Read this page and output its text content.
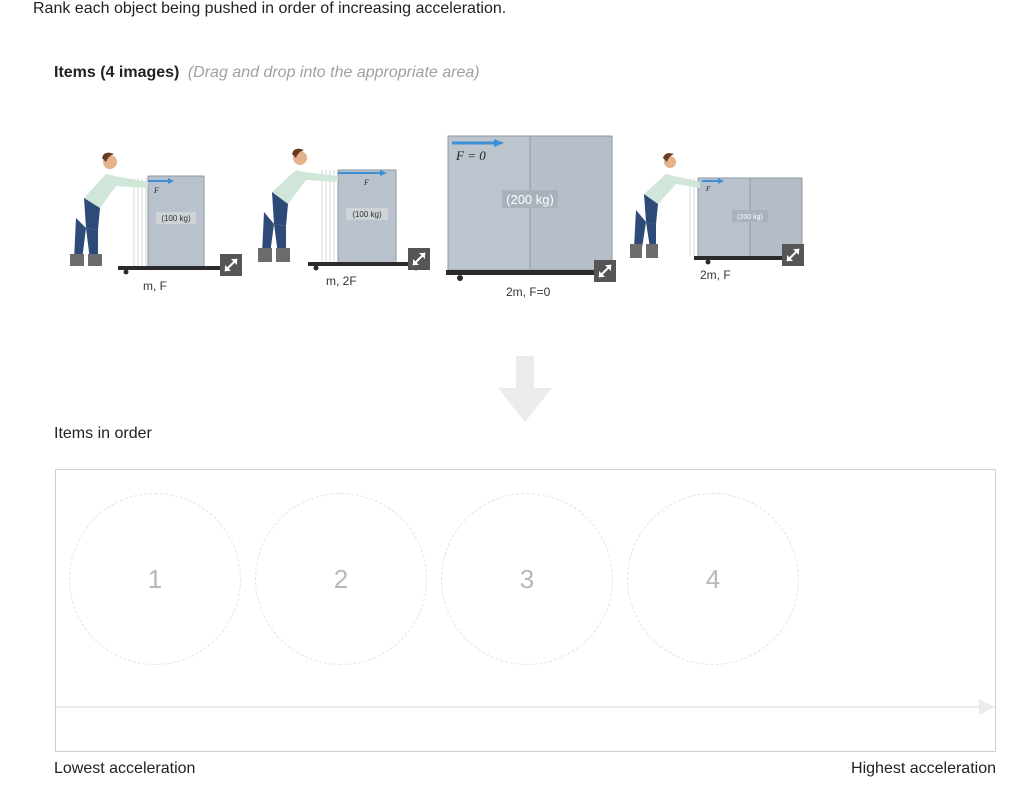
Rank each object being pushed in order of increasing acceleration.
Items (4 images) (Drag and drop into the appropriate area)
(100 kg)
F
m, F
(100 kg)
F
m, 2F
(200 kg)
F = 0
2m, F=0
(200 kg)
F
2m, F
Items in order
1	2	3	4
Lowest acceleration	Highest acceleration
